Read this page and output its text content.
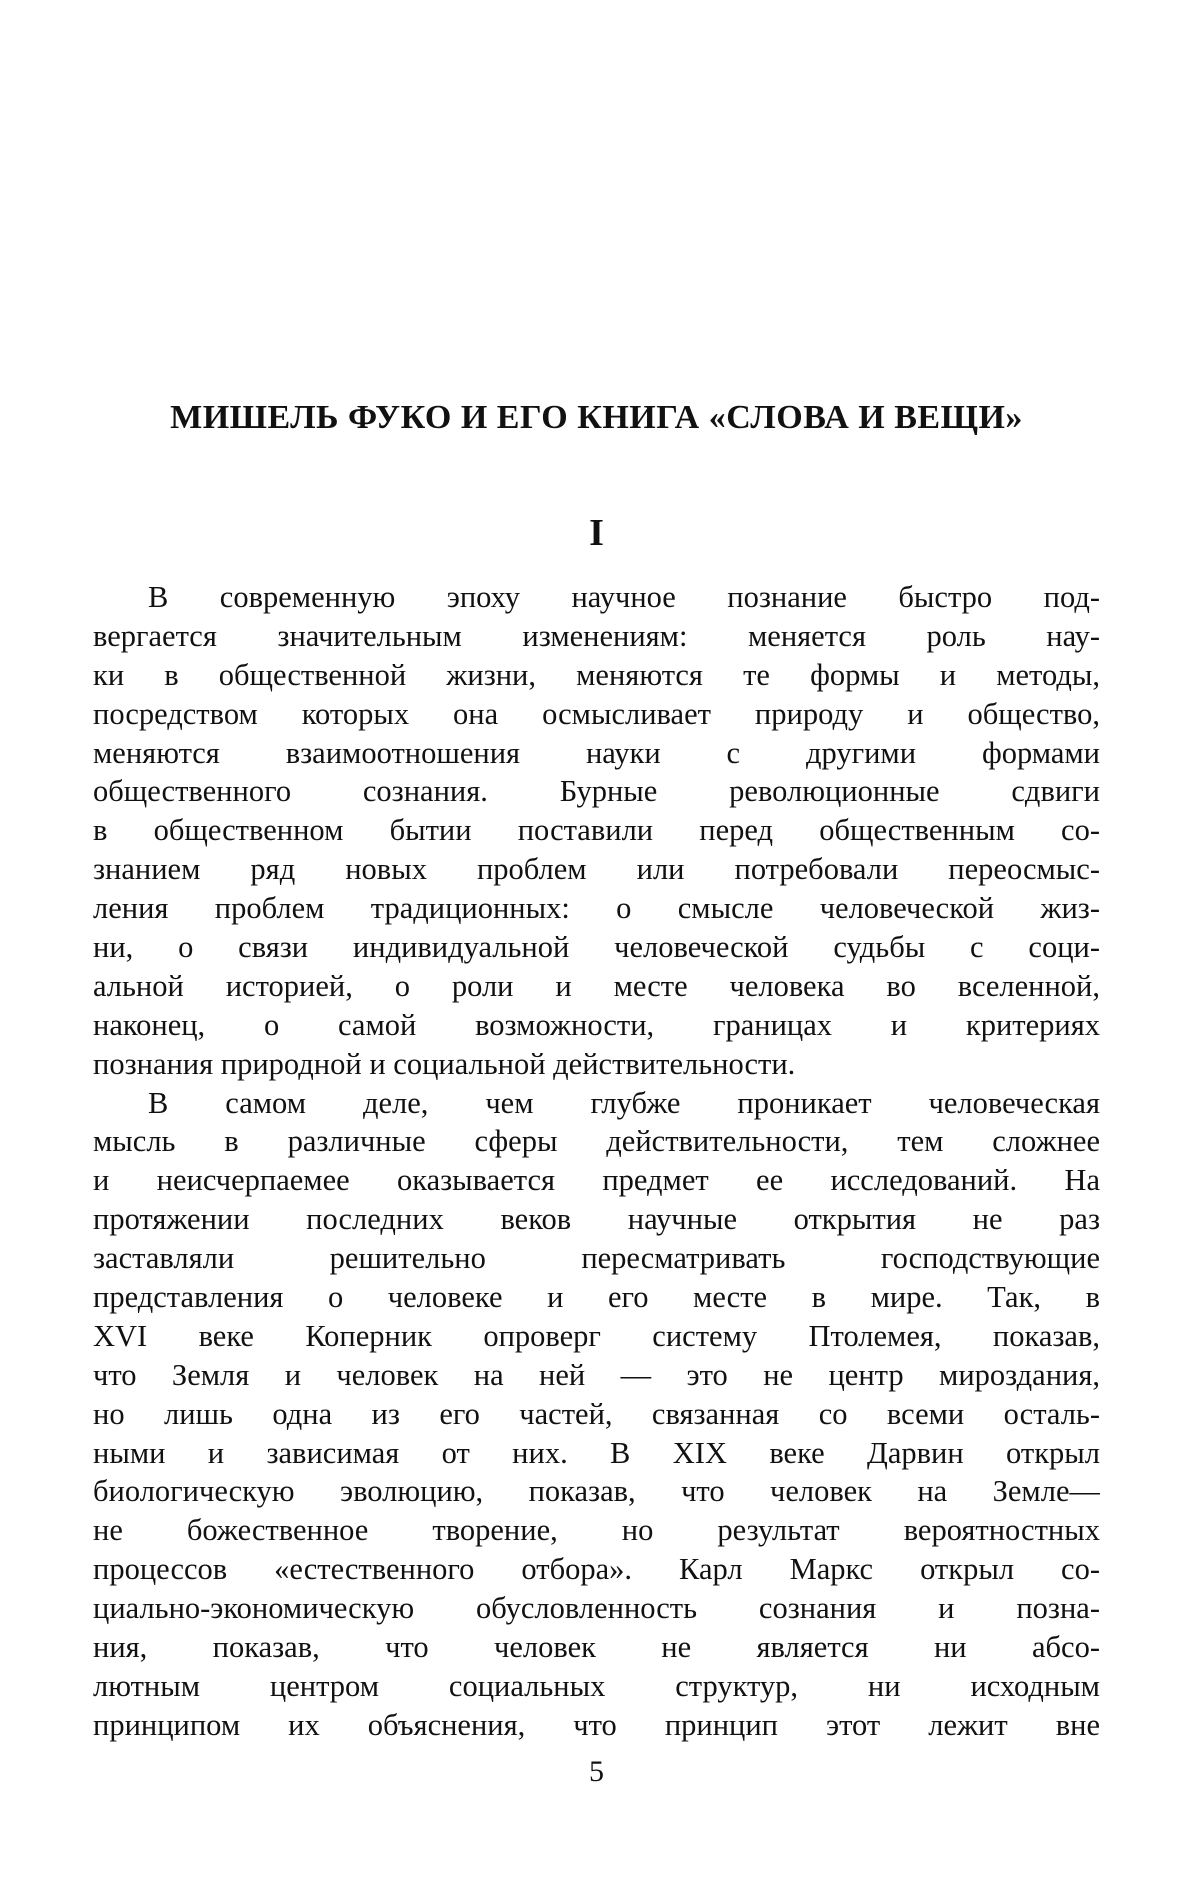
МИШЕЛЬ ФУКО И ЕГО КНИГА «СЛОВА И ВЕЩИ»
I
В современную эпоху научное познание быстро под-
вергается значительным изменениям: меняется роль нау-
ки в общественной жизни, меняются те формы и методы,
посредством которых она осмысливает природу и общество,
меняются взаимоотношения науки с другими формами
общественного сознания. Бурные революционные сдвиги
в общественном бытии поставили перед общественным со-
знанием ряд новых проблем или потребовали переосмыс-
ления проблем традиционных: о смысле человеческой жиз-
ни, о связи индивидуальной человеческой судьбы с соци-
альной историей, о роли и месте человека во вселенной,
наконец, о самой возможности, границах и критериях
познания природной и социальной действительности.
В самом деле, чем глубже проникает человеческая
мысль в различные сферы действительности, тем сложнее
и неисчерпаемее оказывается предмет ее исследований. На
протяжении последних веков научные открытия не раз
заставляли решительно пересматривать господствующие
представления о человеке и его месте в мире. Так, в
XVI веке Коперник опроверг систему Птолемея, показав,
что Земля и человек на ней — это не центр мироздания,
но лишь одна из его частей, связанная со всеми осталь-
ными и зависимая от них. В XIX веке Дарвин открыл
биологическую эволюцию, показав, что человек на Земле—
не божественное творение, но результат вероятностных
процессов «естественного отбора». Карл Маркс открыл со-
циально-экономическую обусловленность сознания и позна-
ния, показав, что человек не является ни абсо-
лютным центром социальных структур, ни исходным
принципом их объяснения, что принцип этот лежит вне
5
